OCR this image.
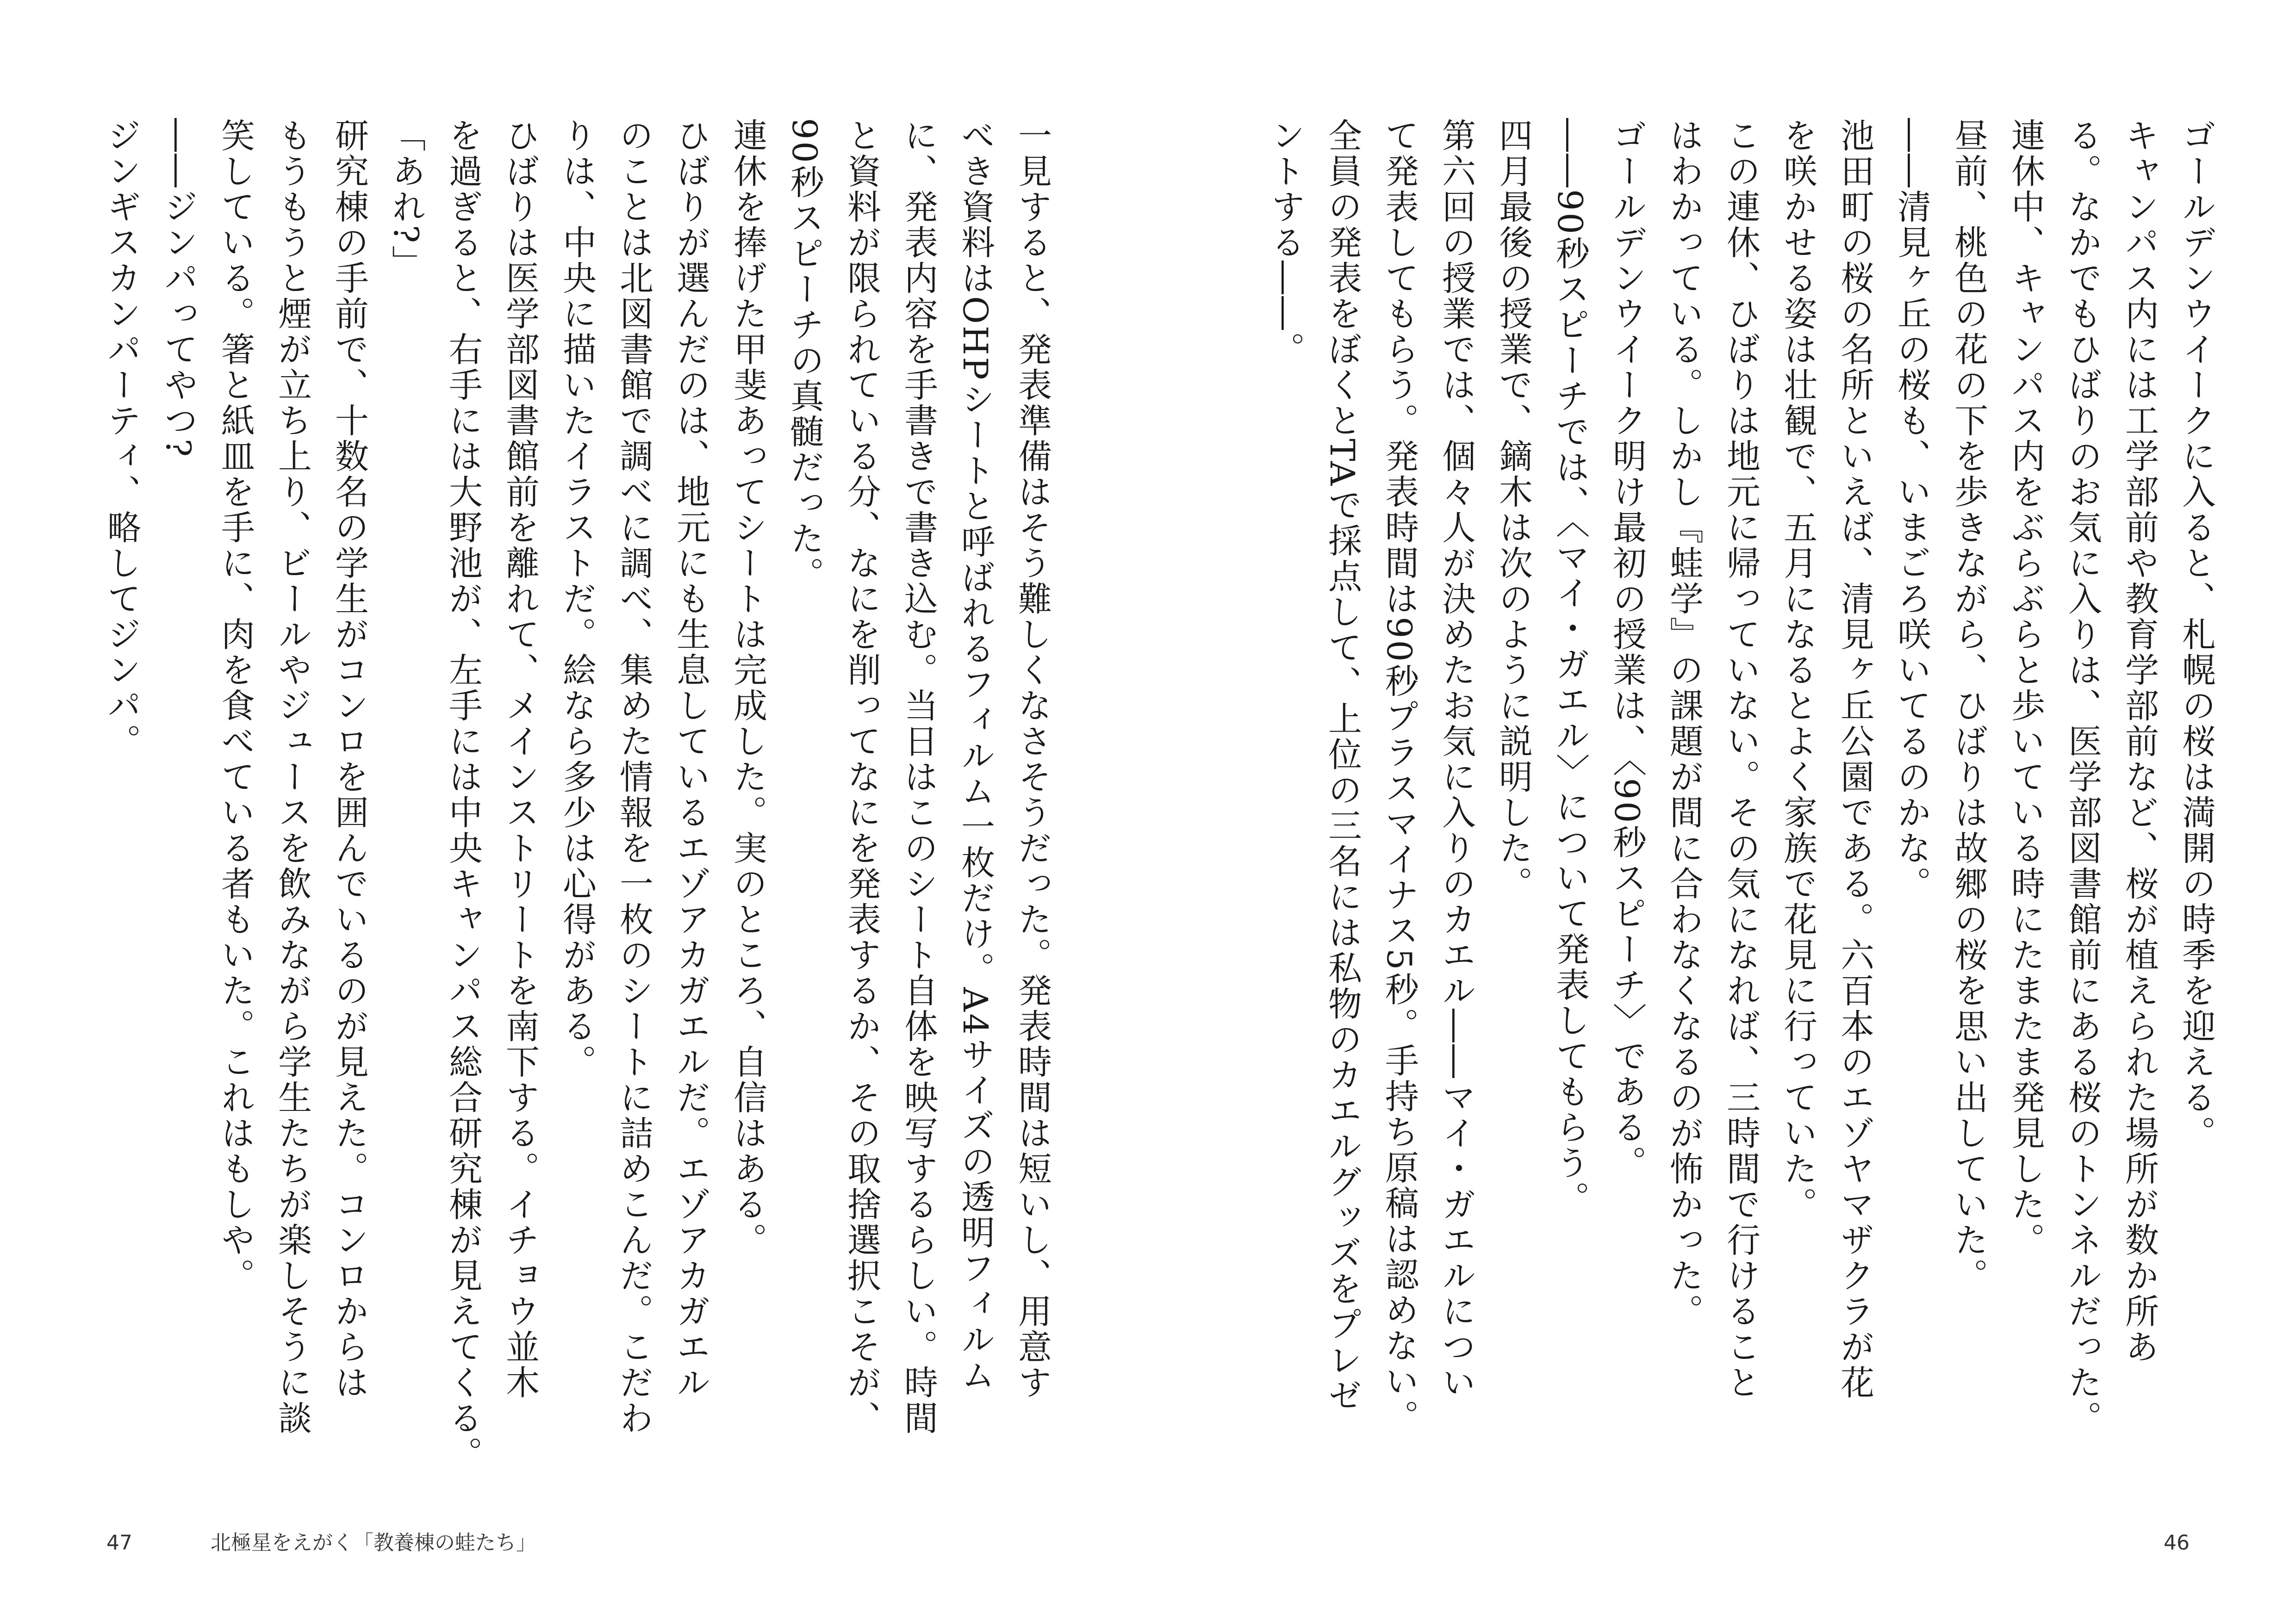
ゴールデンウイークに入ると、札幌の桜は満開の時季を迎える。
キャンパス内には工学部前や教育学部前など、桜が植えられた場所が数か所あ
る。なかでもひばりのお気に入りは、医学部図書館前にある桜のトンネルだった。
連休中、キャンパス内をぶらぶらと歩いている時にたまたま発見した。
昼前、桃色の花の下を歩きながら、ひばりは故郷の桜を思い出していた。
――清見ヶ丘の桜も、いまごろ咲いてるのかな。
池田町の桜の名所といえば、清見ヶ丘公園である。六百本のエゾヤマザクラが花
を咲かせる姿は壮観で、五月になるとよく家族で花見に行っていた。
この連休、ひばりは地元に帰っていない。その気になれば、三時間で行けること
はわかっている。しかし『蛙学』の課題が間に合わなくなるのが怖かった。
ゴールデンウイーク明け最初の授業は、〈90秒スピーチ〉である。
――90秒スピーチでは、〈マイ・ガエル〉について発表してもらう。
四月最後の授業で、鏑木は次のように説明した。
第六回の授業では、個々人が決めたお気に入りのカエル――マイ・ガエルについ
て発表してもらう。発表時間は90秒プラスマイナス5秒。手持ち原稿は認めない。
全員の発表をぼくとTAで採点して、上位の三名には私物のカエルグッズをプレゼ
ントする――。
一見すると、発表準備はそう難しくなさそうだった。発表時間は短いし、用意す
べき資料はOHPシートと呼ばれるフィルム一枚だけ。A4サイズの透明フィルム
に、発表内容を手書きで書き込む。当日はこのシート自体を映写するらしい。時間
と資料が限られている分、なにを削ってなにを発表するか、その取捨選択こそが、
90秒スピーチの真髄だった。
連休を捧げた甲斐あってシートは完成した。実のところ、自信はある。
ひばりが選んだのは、地元にも生息しているエゾアカガエルだ。エゾアカガエル
のことは北図書館で調べに調べ、集めた情報を一枚のシートに詰めこんだ。こだわ
りは、中央に描いたイラストだ。絵なら多少は心得がある。
ひばりは医学部図書館前を離れて、メインストリートを南下する。イチョウ並木
を過ぎると、右手には大野池が、左手には中央キャンパス総合研究棟が見えてくる。
「あれ?」
研究棟の手前で、十数名の学生がコンロを囲んでいるのが見えた。コンロからは
もうもうと煙が立ち上り、ビールやジュースを飲みながら学生たちが楽しそうに談
笑している。箸と紙皿を手に、肉を食べている者もいた。これはもしや。
――ジンパってやつ?
ジンギスカンパーティ、略してジンパ。
47	北極星をえがく「教養棟の蛙たち」	46
